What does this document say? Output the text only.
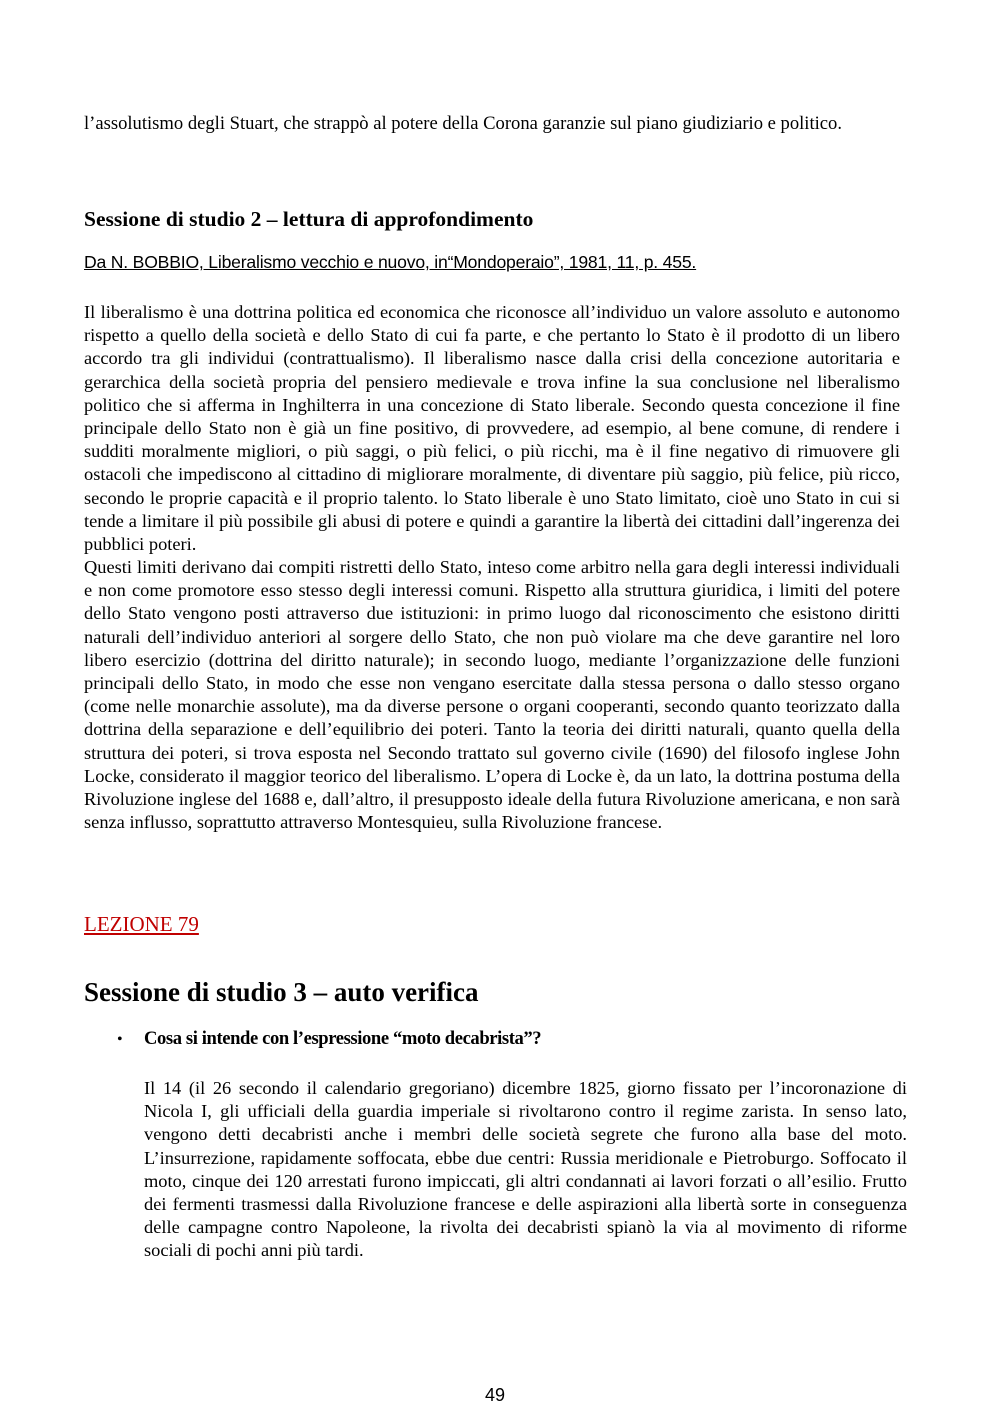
l’assolutismo degli Stuart, che strappò al potere della Corona garanzie sul piano giudiziario e politico.
Sessione di studio 2 – lettura di approfondimento
Da N. BOBBIO, Liberalismo vecchio e nuovo, in“Mondoperaio”, 1981, 11, p. 455.
Il liberalismo è una dottrina politica ed economica che riconosce all’individuo un valore assoluto e autonomo rispetto a quello della società e dello Stato di cui fa parte, e che pertanto lo Stato è il prodotto di un libero accordo tra gli individui (contrattualismo). Il liberalismo nasce dalla crisi della concezione autoritaria e gerarchica della società propria del pensiero medievale e trova infine la sua conclusione nel liberalismo politico che si afferma in Inghilterra in una concezione di Stato liberale. Secondo questa concezione il fine principale dello Stato non è già un fine positivo, di provvedere, ad esempio, al bene comune, di rendere i sudditi moralmente migliori, o più saggi, o più felici, o più ricchi, ma è il fine negativo di rimuovere gli ostacoli che impediscono al cittadino di migliorare moralmente, di diventare più saggio, più felice, più ricco, secondo le proprie capacità e il proprio talento. lo Stato liberale è uno Stato limitato, cioè uno Stato in cui si tende a limitare il più possibile gli abusi di potere e quindi a garantire la libertà dei cittadini dall’ingerenza dei pubblici poteri.
Questi limiti derivano dai compiti ristretti dello Stato, inteso come arbitro nella gara degli interessi individuali e non come promotore esso stesso degli interessi comuni. Rispetto alla struttura giuridica, i limiti del potere dello Stato vengono posti attraverso due istituzioni: in primo luogo dal riconoscimento che esistono diritti naturali dell’individuo anteriori al sorgere dello Stato, che non può violare ma che deve garantire nel loro libero esercizio (dottrina del diritto naturale); in secondo luogo, mediante l’organizzazione delle funzioni principali dello Stato, in modo che esse non vengano esercitate dalla stessa persona o dallo stesso organo (come nelle monarchie assolute), ma da diverse persone o organi cooperanti, secondo quanto teorizzato dalla dottrina della separazione e dell’equilibrio dei poteri. Tanto la teoria dei diritti naturali, quanto quella della struttura dei poteri, si trova esposta nel Secondo trattato sul governo civile (1690) del filosofo inglese John Locke, considerato il maggior teorico del liberalismo. L’opera di Locke è, da un lato, la dottrina postuma della Rivoluzione inglese del 1688 e, dall’altro, il presupposto ideale della futura Rivoluzione americana, e non sarà senza influsso, soprattutto attraverso Montesquieu, sulla Rivoluzione francese.
LEZIONE 79
Sessione di studio 3 – auto verifica
• Cosa si intende con l’espressione “moto decabrista”?
Il 14 (il 26 secondo il calendario gregoriano) dicembre 1825, giorno fissato per l’incoronazione di Nicola I, gli ufficiali della guardia imperiale si rivoltarono contro il regime zarista. In senso lato, vengono detti decabristi anche i membri delle società segrete che furono alla base del moto. L’insurrezione, rapidamente soffocata, ebbe due centri: Russia meridionale e Pietroburgo. Soffocato il moto, cinque dei 120 arrestati furono impiccati, gli altri condannati ai lavori forzati o all’esilio. Frutto dei fermenti trasmessi dalla Rivoluzione francese e delle aspirazioni alla libertà sorte in conseguenza delle campagne contro Napoleone, la rivolta dei decabristi spianò la via al movimento di riforme sociali di pochi anni più tardi.
49
